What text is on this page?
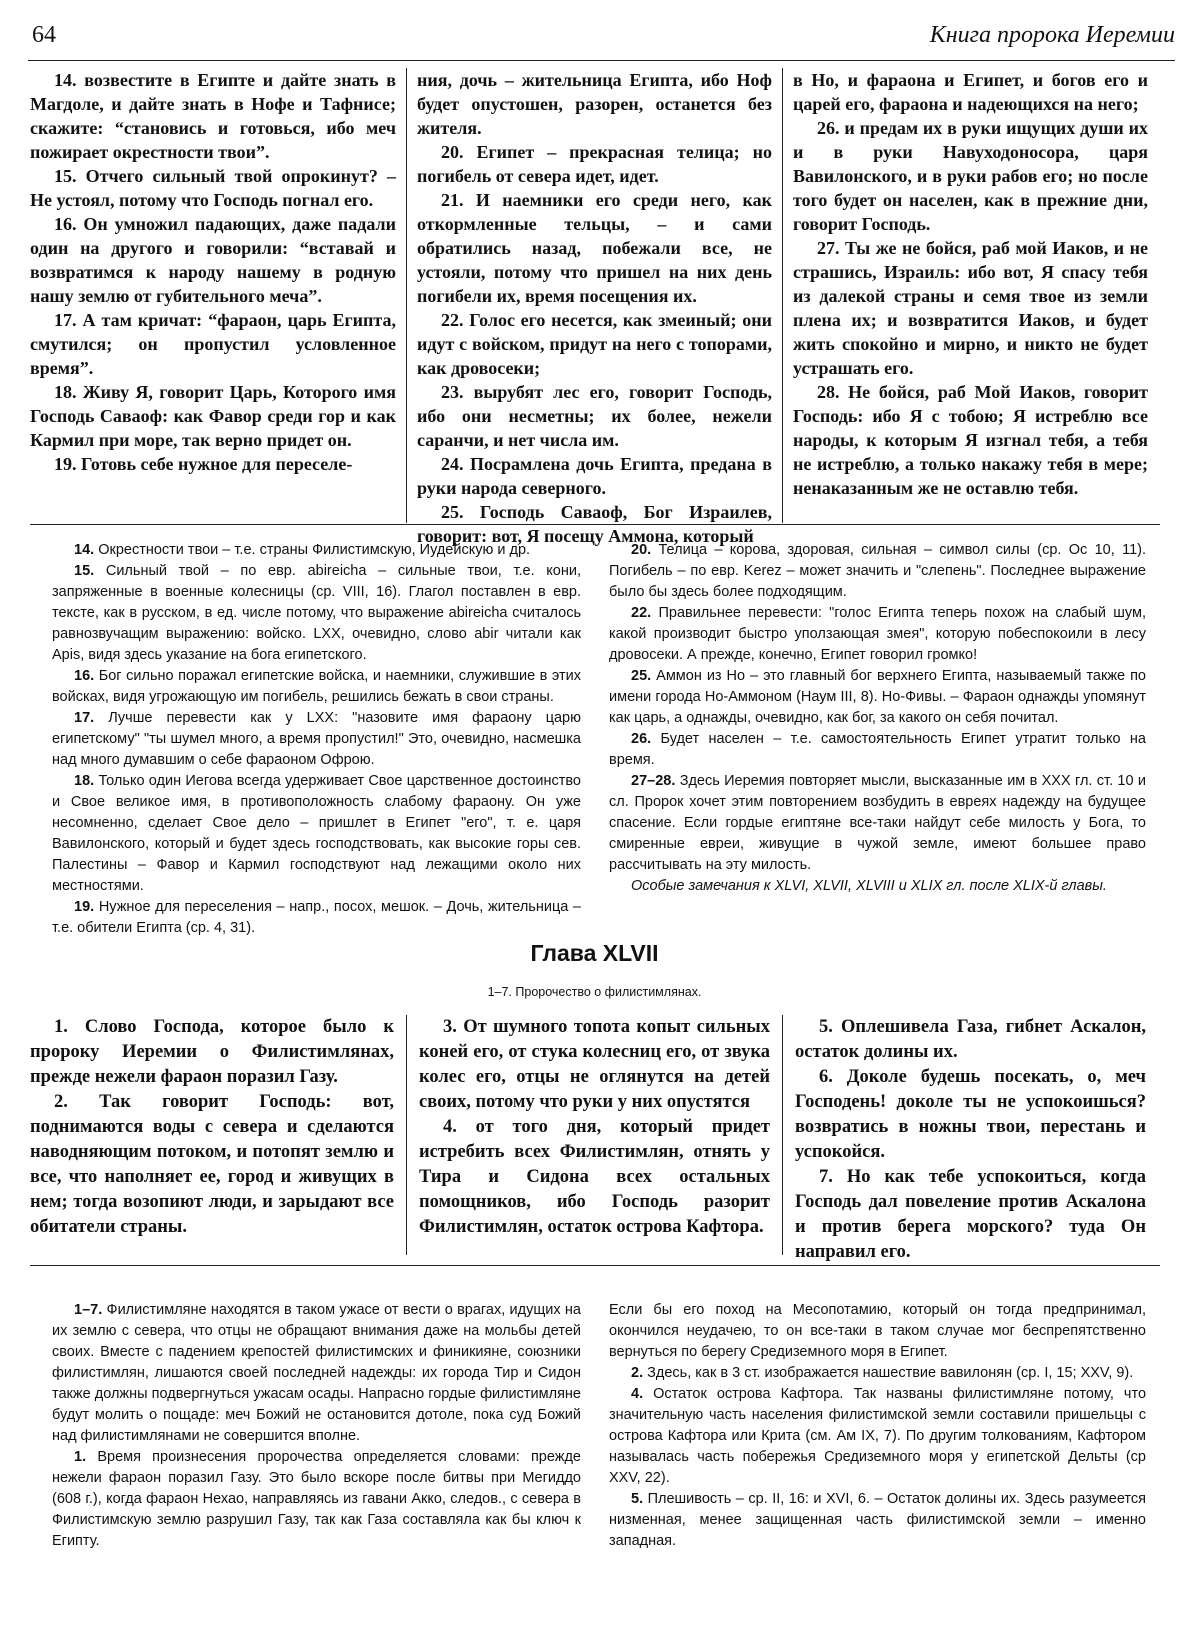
64	Книга пророка Иеремии

14. возвестите в Египте и дайте знать в Магдоле, и дайте знать в Нофе и Тафнисе; скажите: “становись и готовься, ибо меч пожирает окрестности твои”.

15. Отчего сильный твой опрокинут? – Не устоял, потому что Господь погнал его.

16. Он умножил падающих, даже падали один на другого и говорили: “вставай и возвратимся к народу нашему в родную нашу землю от губительного меча”.

17. А там кричат: “фараон, царь Египта, смутился; он пропустил условленное время”.

18. Живу Я, говорит Царь, Которого имя Господь Саваоф: как Фавор среди гор и как Кармил при море, так верно придет он.

19. Готовь себе нужное для переселе-

ния, дочь – жительница Египта, ибо Ноф будет опустошен, разорен, останется без жителя.

20. Египет – прекрасная телица; но погибель от севера идет, идет.

21. И наемники его среди него, как откормленные тельцы, – и сами обратились назад, побежали все, не устояли, потому что пришел на них день погибели их, время посещения их.

22. Голос его несется, как змеиный; они идут с войском, придут на него с топорами, как дровосеки;

23. вырубят лес его, говорит Господь, ибо они несметны; их более, нежели саранчи, и нет числа им.

24. Посрамлена дочь Египта, предана в руки народа северного.

25. Господь Саваоф, Бог Израилев, говорит: вот, Я посещу Аммона, который

в Но, и фараона и Египет, и богов его и царей его, фараона и надеющихся на него;

26. и предам их в руки ищущих души их и в руки Навуходоносора, царя Вавилонского, и в руки рабов его; но после того будет он населен, как в прежние дни, говорит Господь.

27. Ты же не бойся, раб мой Иаков, и не страшись, Израиль: ибо вот, Я спасу тебя из далекой страны и семя твое из земли плена их; и возвратится Иаков, и будет жить спокойно и мирно, и никто не будет устрашать его.

28. Не бойся, раб Мой Иаков, говорит Господь: ибо Я с тобою; Я истреблю все народы, к которым Я изгнал тебя, а тебя не истреблю, а только накажу тебя в мере; ненаказанным же не оставлю тебя.

14. Окрестности твои – т.е. страны Филистимскую, Иудейскую и др.

15. Сильный твой – по евр. abireicha – сильные твои, т.е. кони, запряженные в военные колесницы (ср. VIII, 16). Глагол поставлен в евр. тексте, как в русском, в ед. числе потому, что выражение abireicha считалось равнозвучащим выражению: войско. LXX, очевидно, слово abir читали как Apis, видя здесь указание на бога египетского.

16. Бог сильно поражал египетские войска, и наемники, служившие в этих войсках, видя угрожающую им погибель, решились бежать в свои страны.

17. Лучше перевести как у LXX: "назовите имя фараону царю египетскому" "ты шумел много, а время пропустил!" Это, очевидно, насмешка над много думавшим о себе фараоном Офрою.

18. Только один Иегова всегда удерживает Свое царственное достоинство и Свое великое имя, в противоположность слабому фараону. Он уже несомненно, сделает Свое дело – пришлет в Египет "его", т. е. царя Вавилонского, который и будет здесь господствовать, как высокие горы сев. Палестины – Фавор и Кармил господствуют над лежащими около них местностями.

19. Нужное для переселения – напр., посох, мешок. – Дочь, жительница – т.е. обители Египта (ср. 4, 31).

20. Телица – корова, здоровая, сильная – символ силы (ср. Ос 10, 11). Погибель – по евр. Kerez – может значить и "слепень". Последнее выражение было бы здесь более подходящим.

22. Правильнее перевести: "голос Египта теперь похож на слабый шум, какой производит быстро уползающая змея", которую побеспокоили в лесу дровосеки. А прежде, конечно, Египет говорил громко!

25. Аммон из Но – это главный бог верхнего Египта, называемый также по имени города Но-Аммоном (Наум III, 8). Но-Фивы. – Фараон однажды упомянут как царь, а однажды, очевидно, как бог, за какого он себя почитал.

26. Будет населен – т.е. самостоятельность Египет утратит только на время.

27–28. Здесь Иеремия повторяет мысли, высказанные им в XXX гл. ст. 10 и сл. Пророк хочет этим повторением возбудить в евреях надежду на будущее спасение. Если гордые египтяне все-таки найдут себе милость у Бога, то смиренные евреи, живущие в чужой земле, имеют большее право рассчитывать на эту милость.

Особые замечания к XLVI, XLVII, XLVIII и XLIX гл. после XLIX-й главы.

Глава XLVII
1–7. Пророчество о филистимлянах.

1. Слово Господа, которое было к пророку Иеремии о Филистимлянах, прежде нежели фараон поразил Газу.

2. Так говорит Господь: вот, поднимаются воды с севера и сделаются наводняющим потоком, и потопят землю и все, что наполняет ее, город и живущих в нем; тогда возопиют люди, и зарыдают все обитатели страны.

3. От шумного топота копыт сильных коней его, от стука колесниц его, от звука колес его, отцы не оглянутся на детей своих, потому что руки у них опустятся

4. от того дня, который придет истребить всех Филистимлян, отнять у Тира и Сидона всех остальных помощников, ибо Господь разорит Филистимлян, остаток острова Кафтора.

5. Оплешивела Газа, гибнет Аскалон, остаток долины их.

6. Доколе будешь посекать, о, меч Господень! доколе ты не успокоишься? возвратись в ножны твои, перестань и успокойся.

7. Но как тебе успокоиться, когда Господь дал повеление против Аскалона и против берега морского? туда Он направил его.

1–7. Филистимляне находятся в таком ужасе от вести о врагах, идущих на их землю с севера, что отцы не обращают внимания даже на мольбы детей своих. Вместе с падением крепостей филистимских и финикияне, союзники филистимлян, лишаются своей последней надежды: их города Тир и Сидон также должны подвергнуться ужасам осады. Напрасно гордые филистимляне будут молить о пощаде: меч Божий не остановится дотоле, пока суд Божий над филистимлянами не совершится вполне.

1. Время произнесения пророчества определяется словами: прежде нежели фараон поразил Газу. Это было вскоре после битвы при Мегиддо (608 г.), когда фараон Нехао, направляясь из гавани Акко, следов., с севера в Филистимскую землю разрушил Газу, так как Газа составляла как бы ключ к Египту.

Если бы его поход на Месопотамию, который он тогда предпринимал, окончился неудачею, то он все-таки в таком случае мог беспрепятственно вернуться по берегу Средиземного моря в Египет.

2. Здесь, как в 3 ст. изображается нашествие вавилонян (ср. I, 15; XXV, 9).

4. Остаток острова Кафтора. Так названы филистимляне потому, что значительную часть населения филистимской земли составили пришельцы с острова Кафтора или Крита (см. Ам IX, 7). По другим толкованиям, Кафтором называлась часть побережья Средиземного моря у египетской Дельты (ср XXV, 22).

5. Плешивость – ср. II, 16: и XVI, 6. – Остаток долины их. Здесь разумеется низменная, менее защищенная часть филистимской земли – именно западная.
